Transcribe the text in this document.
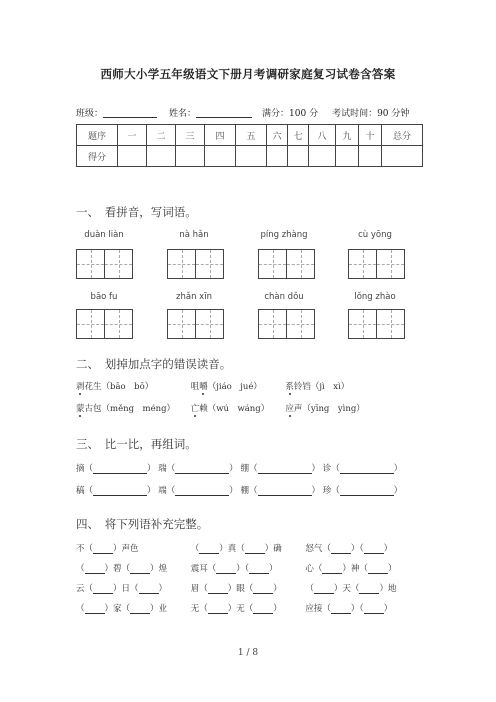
西师大小学五年级语文下册月考调研家庭复习试卷含答案
班级：	姓名：	满分：100 分 考试时间：90 分钟
题序	一	二	三	四	五	六	七	八	九	十	总分
得分											
一、　看拼音，写词语。
duàn liàn	nà hǎn	píng zhàng	cù yōng
bāo fu	zhǎn xīn	chàn dǒu	lǒng zhào
二、　划掉加点字的错误读音。
剥花生（bāo　bō）	咀嚼（jiáo　jué）	系铃铛（jì　xì）
蒙古包（měng　méng） 亡赖（wú　wáng） 应声（yīng　yìng）
三、　比一比，再组词。
摘（	） 瑞（	） 绷（	） 诊（	）
稿（	） 端（	） 棚（	） 珍（	）
四、　将下列语补充完整。
不（ ）声色	（ ）真（ ）确	怒气（ ）（ ）
（ ）碧（ ）煌	震耳（ ）（ ）	心（ ）神（ ）
云（ ）日（ ）	眉（ ）眼（ ）	（ ）天（ ）地
（ ）家（ ）业	无（ ）无（ ）	应接（ ）（ ）
1 / 8
